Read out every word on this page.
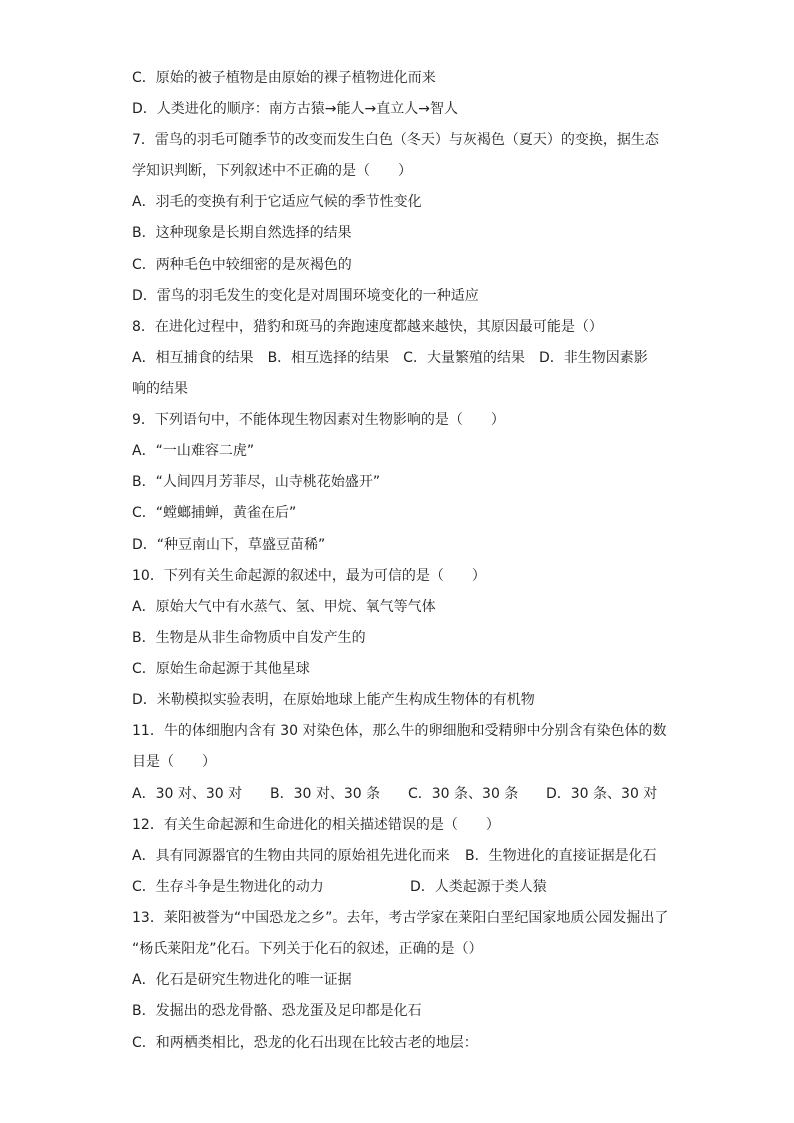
C．原始的被子植物是由原始的裸子植物进化而来
D．人类进化的顺序：南方古猿→能人→直立人→智人
7．雷鸟的羽毛可随季节的改变而发生白色（冬天）与灰褐色（夏天）的变换，据生态
学知识判断，下列叙述中不正确的是（　　）
A．羽毛的变换有利于它适应气候的季节性变化
B．这种现象是长期自然选择的结果
C．两种毛色中较细密的是灰褐色的
D．雷鸟的羽毛发生的变化是对周围环境变化的一种适应
8．在进化过程中，猎豹和斑马的奔跑速度都越来越快，其原因最可能是（）
A．相互捕食的结果　B．相互选择的结果　C．大量繁殖的结果　D．非生物因素影
响的结果
9．下列语句中，不能体现生物因素对生物影响的是（　　）
A．“一山难容二虎”
B．“人间四月芳菲尽，山寺桃花始盛开”
C．“螳螂捕蝉，黄雀在后”
D．“种豆南山下，草盛豆苗稀”
10．下列有关生命起源的叙述中，最为可信的是（　　）
A．原始大气中有水蒸气、氢、甲烷、氧气等气体
B．生物是从非生命物质中自发产生的
C．原始生命起源于其他星球
D．米勒模拟实验表明，在原始地球上能产生构成生物体的有机物
11．牛的体细胞内含有 30 对染色体，那么牛的卵细胞和受精卵中分别含有染色体的数
目是（　　）
A．30 对、30 对	B．30 对、30 条	C．30 条、30 条	D．30 条、30 对
12．有关生命起源和生命进化的相关描述错误的是（　　）
A．具有同源器官的生物由共同的原始祖先进化而来	B．生物进化的直接证据是化石
C．生存斗争是生物进化的动力	D．人类起源于类人猿
13．莱阳被誉为“中国恐龙之乡”。去年，考古学家在莱阳白垩纪国家地质公园发掘出了
“杨氏莱阳龙”化石。下列关于化石的叙述，正确的是（）
A．化石是研究生物进化的唯一证据
B．发掘出的恐龙骨骼、恐龙蛋及足印都是化石
C．和两栖类相比，恐龙的化石出现在比较古老的地层：
